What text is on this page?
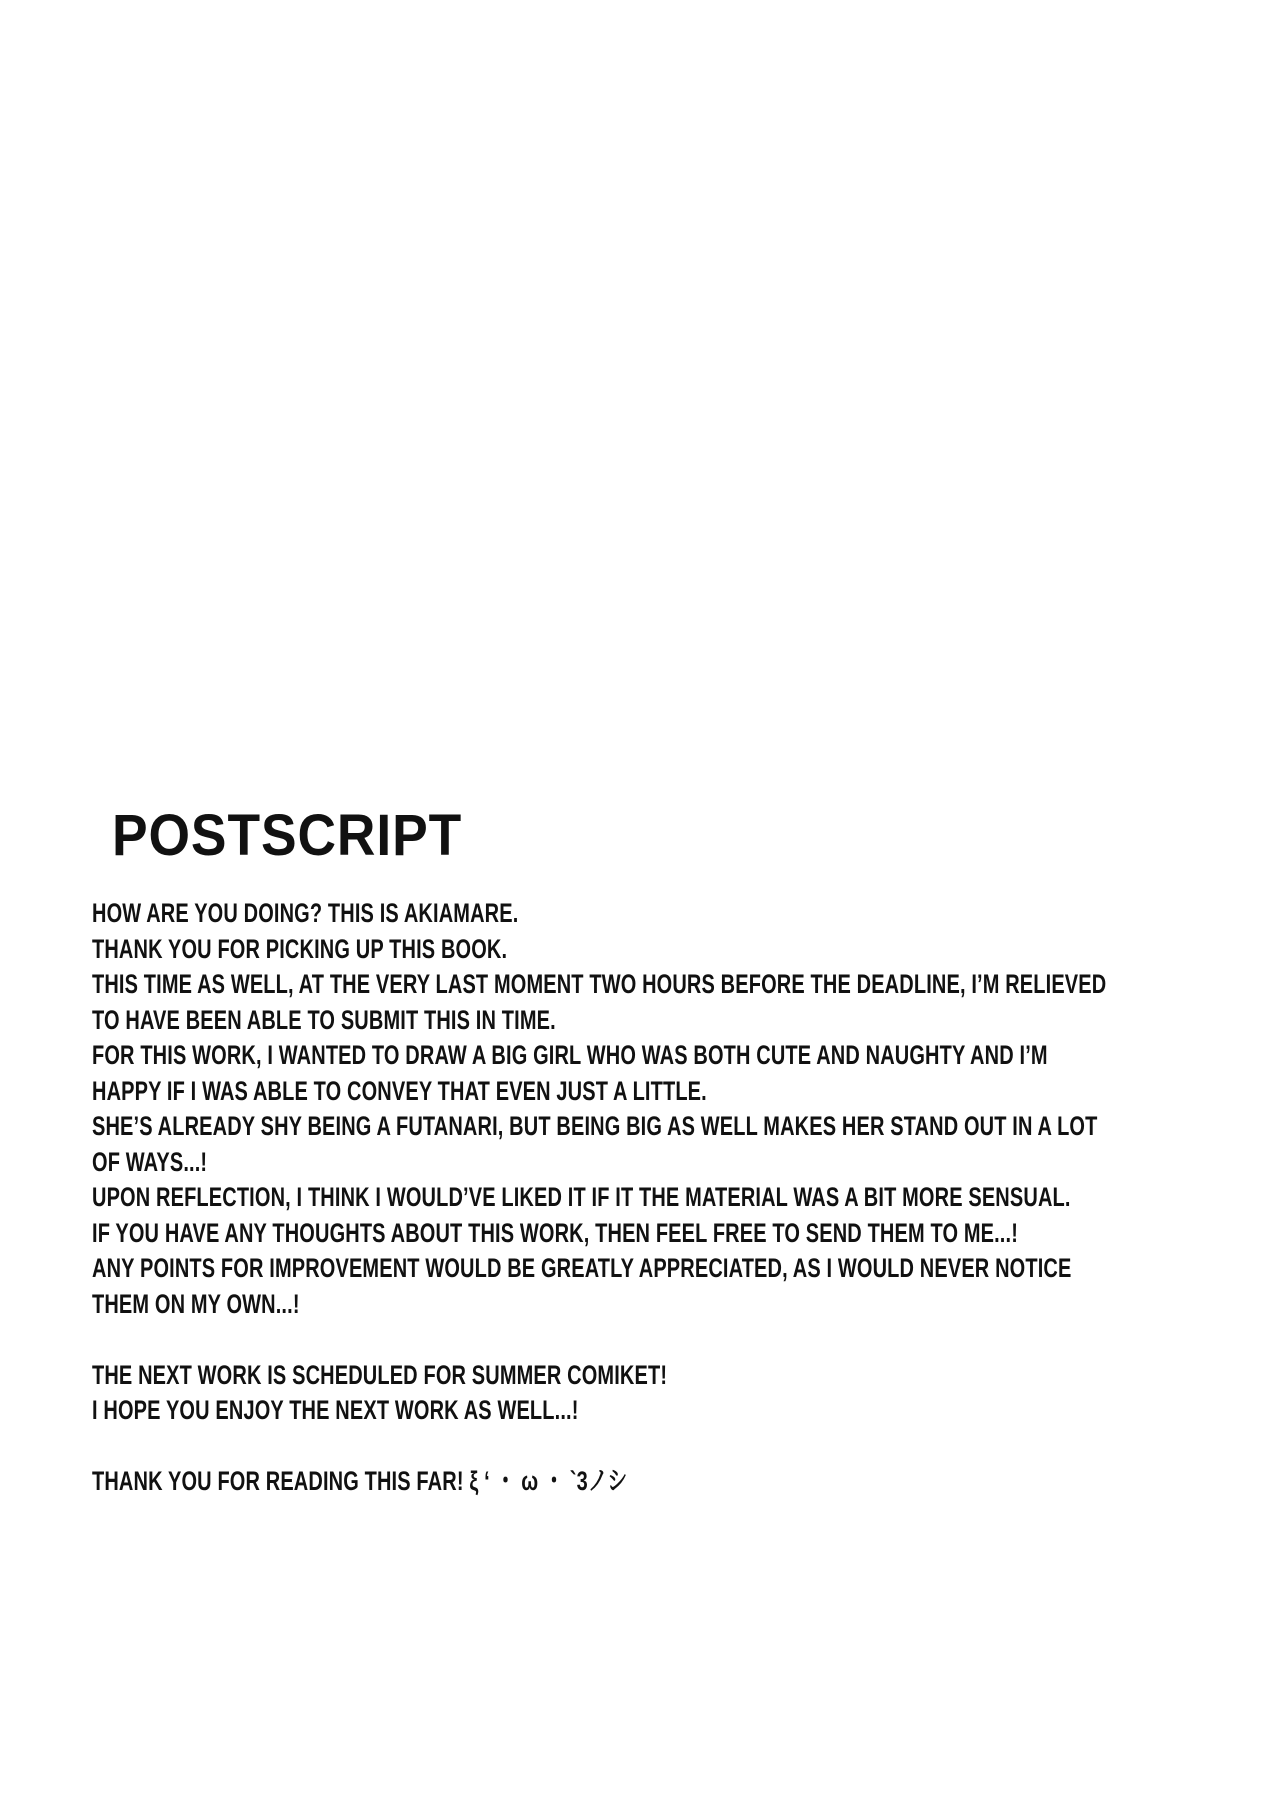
POSTSCRIPT
HOW ARE YOU DOING? THIS IS AKIAMARE.
THANK YOU FOR PICKING UP THIS BOOK.
THIS TIME AS WELL, AT THE VERY LAST MOMENT TWO HOURS BEFORE THE DEADLINE, I’M RELIEVED
TO HAVE BEEN ABLE TO SUBMIT THIS IN TIME.
FOR THIS WORK, I WANTED TO DRAW A BIG GIRL WHO WAS BOTH CUTE AND NAUGHTY AND I’M
HAPPY IF I WAS ABLE TO CONVEY THAT EVEN JUST A LITTLE.
SHE’S ALREADY SHY BEING A FUTANARI, BUT BEING BIG AS WELL MAKES HER STAND OUT IN A LOT
OF WAYS...!
UPON REFLECTION, I THINK I WOULD’VE LIKED IT IF IT THE MATERIAL WAS A BIT MORE SENSUAL.
IF YOU HAVE ANY THOUGHTS ABOUT THIS WORK, THEN FEEL FREE TO SEND THEM TO ME...!
ANY POINTS FOR IMPROVEMENT WOULD BE GREATLY APPRECIATED, AS I WOULD NEVER NOTICE
THEM ON MY OWN...!
THE NEXT WORK IS SCHEDULED FOR SUMMER COMIKET!
I HOPE YOU ENJOY THE NEXT WORK AS WELL...!
THANK YOU FOR READING THIS FAR! ξ ‘ ・ ω ・ `3ノシ
